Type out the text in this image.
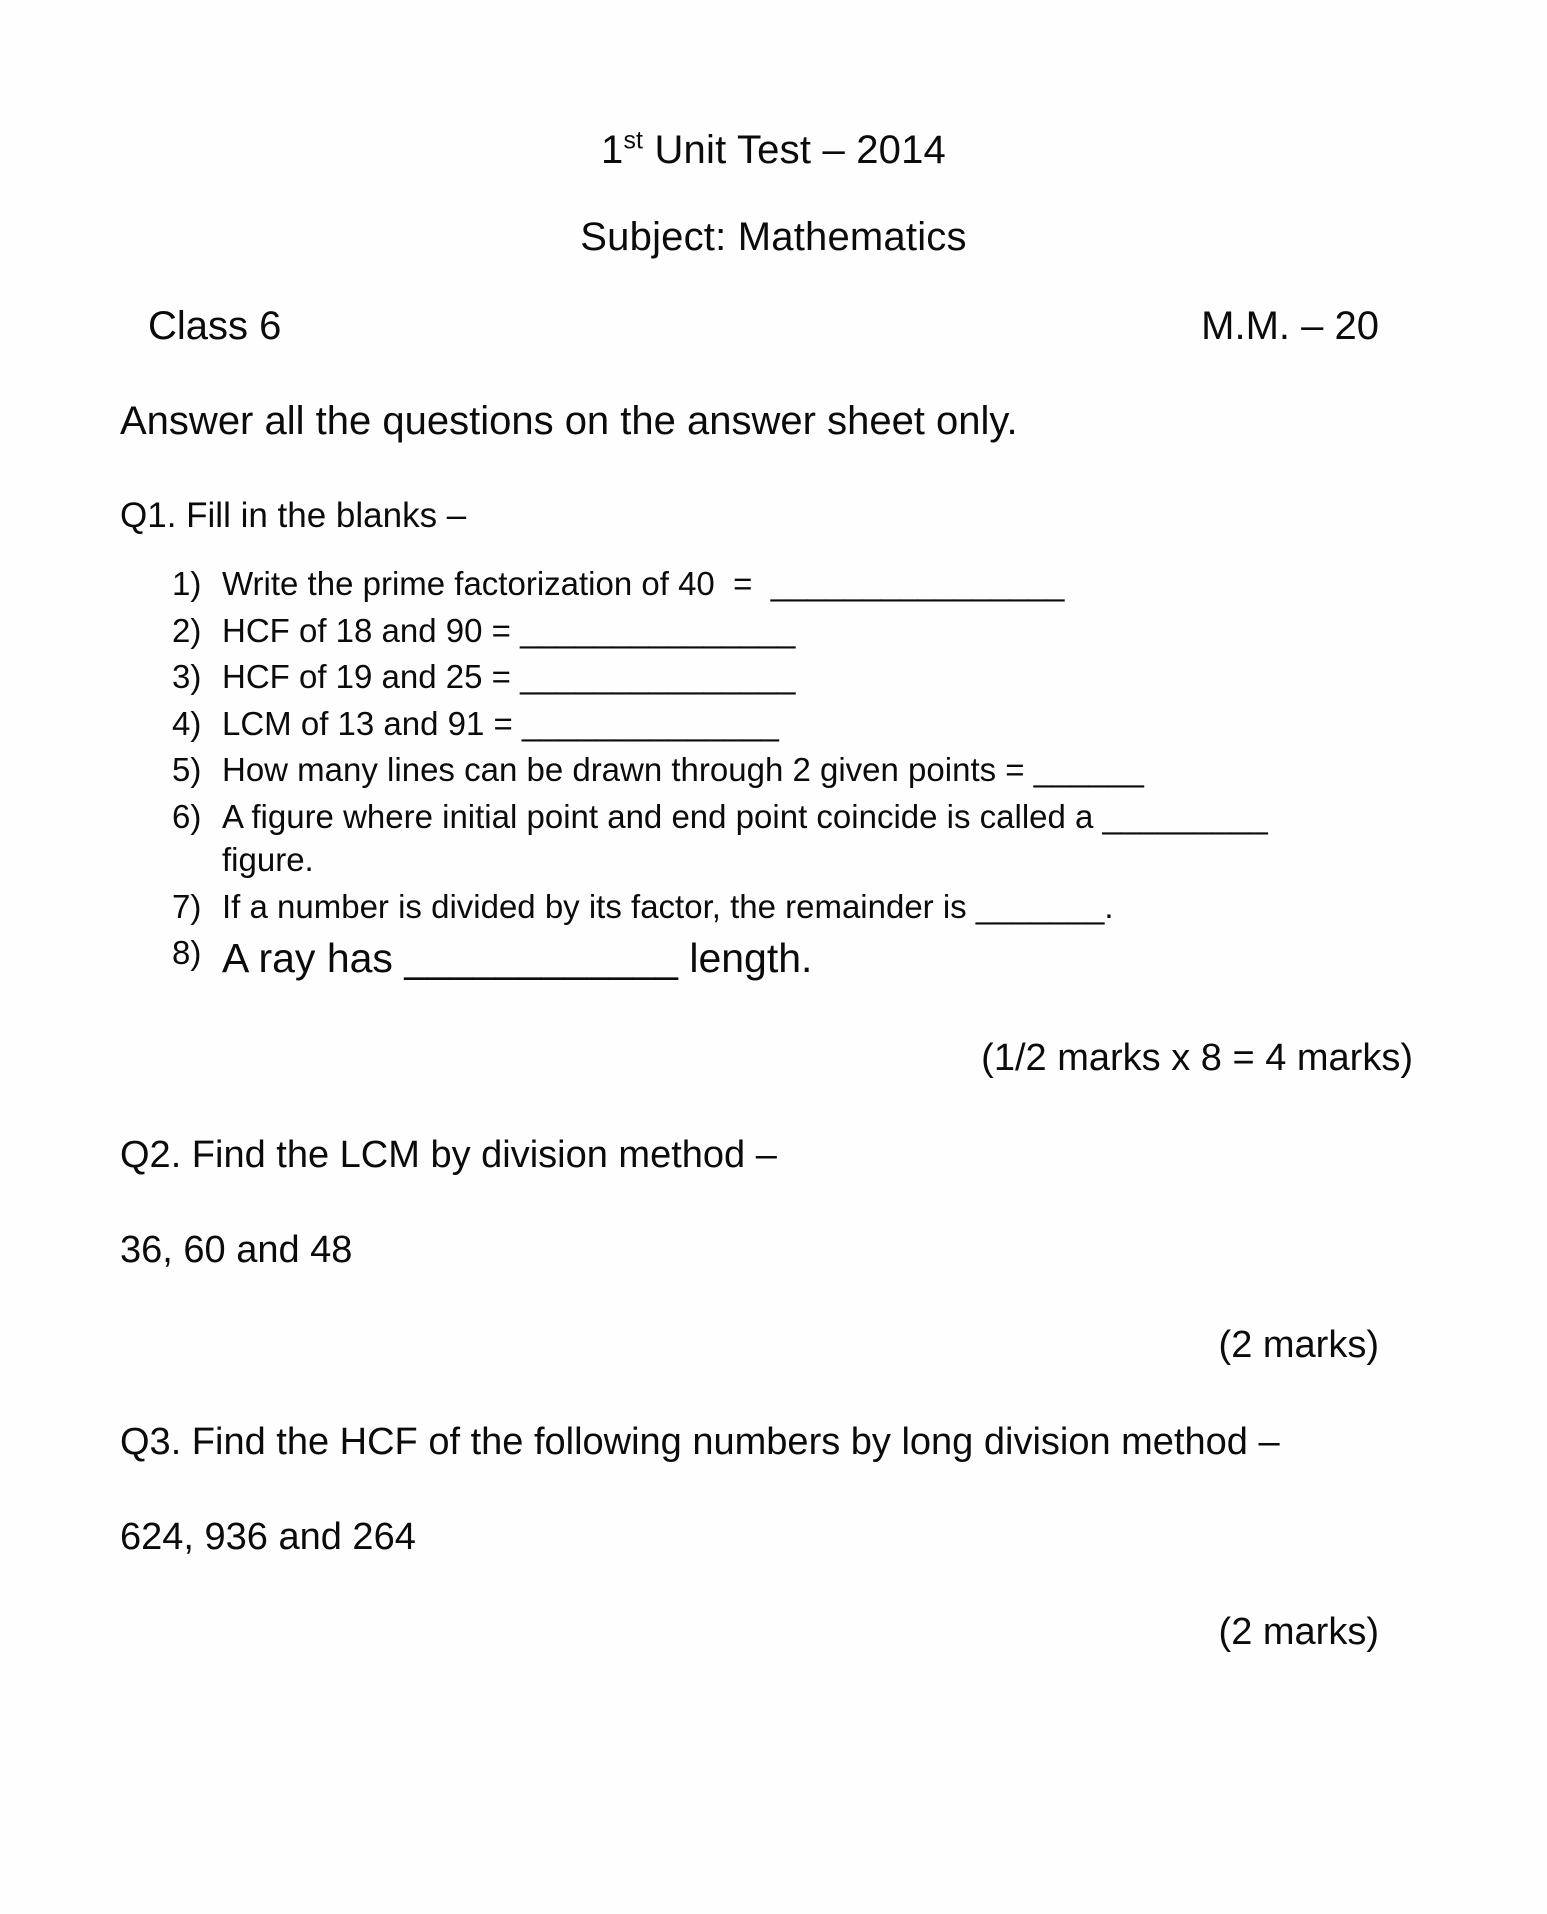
1st Unit Test – 2014
Subject: Mathematics
Class 6	M.M. – 20
Answer all the questions on the answer sheet only.
Q1. Fill in the blanks –
1) Write the prime factorization of 40  =  ________________
2) HCF of 18 and 90 = _______________
3) HCF of 19 and 25 = _______________
4) LCM of 13 and 91 = ______________
5) How many lines can be drawn through 2 given points = ______
6) A figure where initial point and end point coincide is called a _________ figure.
7) If a number is divided by its factor, the remainder is _______.
8) A ray has ____________ length.
(1/2 marks x 8 = 4 marks)
Q2. Find the LCM by division method –
36, 60 and 48
(2 marks)
Q3. Find the HCF of the following numbers by long division method –
624, 936 and 264
(2 marks)
